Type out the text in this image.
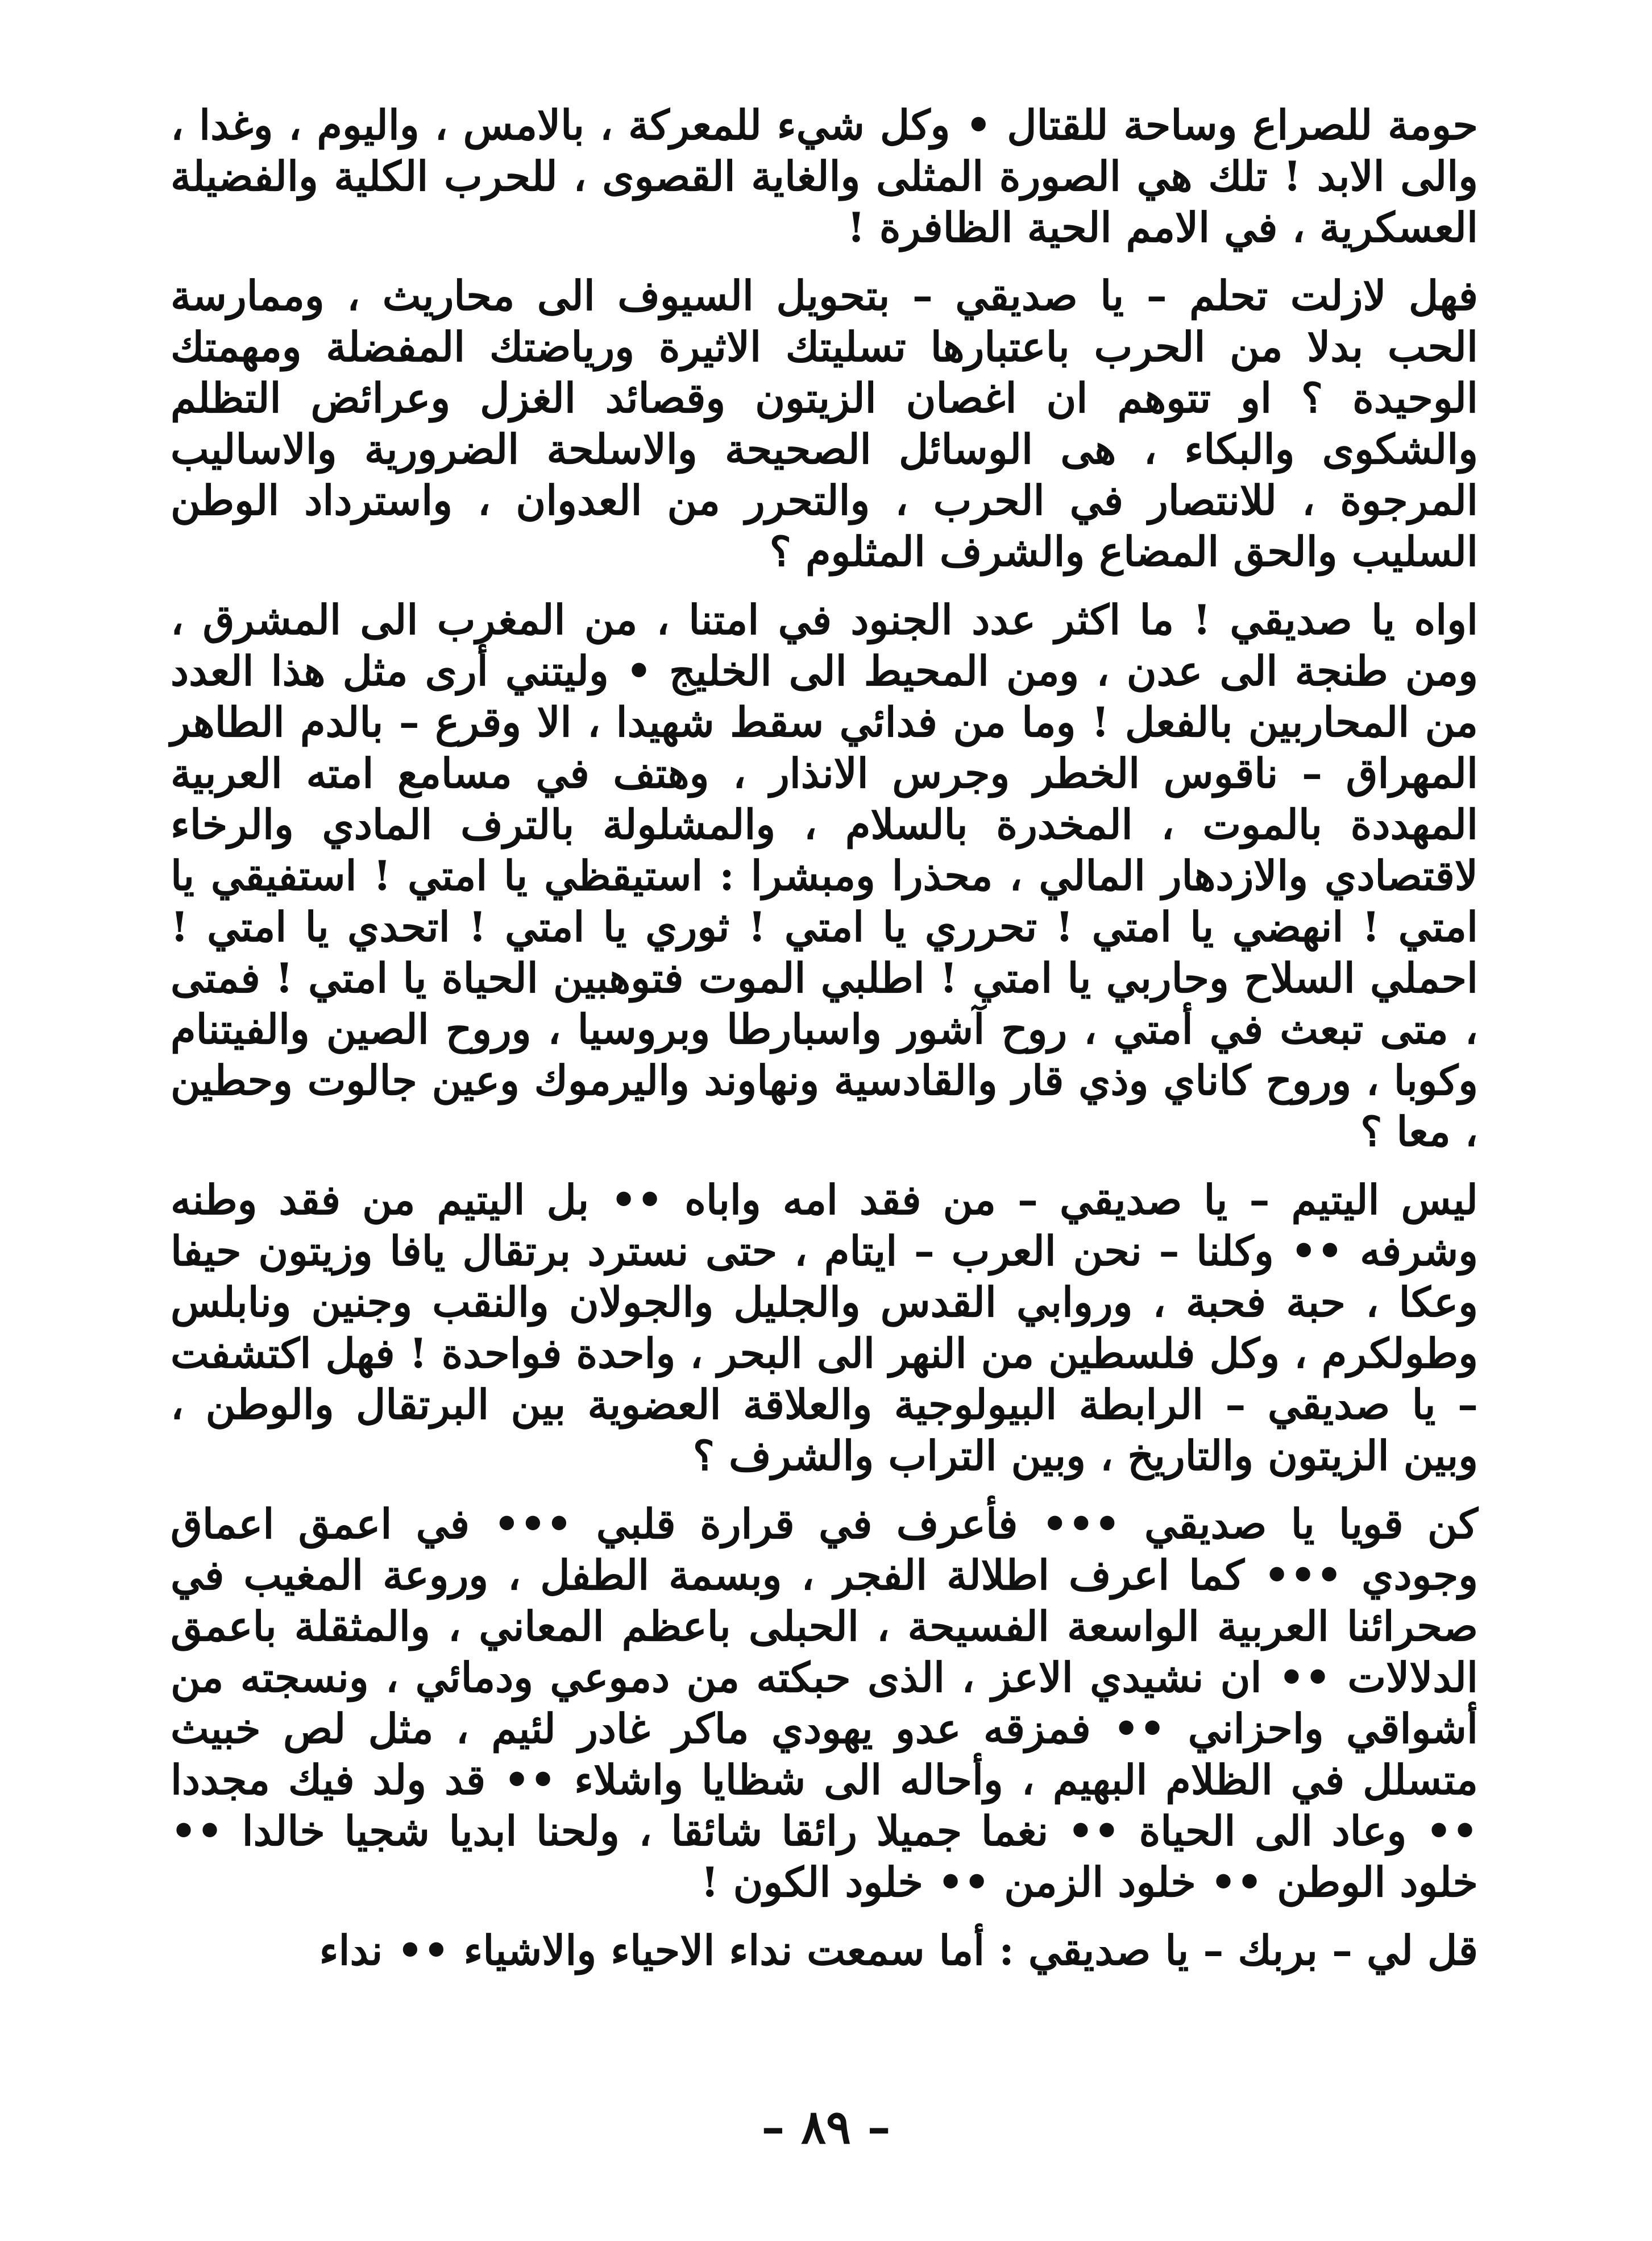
حومة للصراع وساحة للقتال • وكل شيء للمعركة ، بالامس ، واليوم ، وغدا ، والى الابد ! تلك هي الصورة المثلى والغاية القصوى ، للحرب الكلية والفضيلة العسكرية ، في الامم الحية الظافرة !

فهل لازلت تحلم – يا صديقي – بتحويل السيوف الى محاريث ، وممارسة الحب بدلا من الحرب باعتبارها تسليتك الاثيرة ورياضتك المفضلة ومهمتك الوحيدة ؟ او تتوهم ان اغصان الزيتون وقصائد الغزل وعرائض التظلم والشكوى والبكاء ، هى الوسائل الصحيحة والاسلحة الضرورية والاساليب المرجوة ، للانتصار في الحرب ، والتحرر من العدوان ، واسترداد الوطن السليب والحق المضاع والشرف المثلوم ؟

اواه يا صديقي ! ما اكثر عدد الجنود في امتنا ، من المغرب الى المشرق ، ومن طنجة الى عدن ، ومن المحيط الى الخليج • وليتني أرى مثل هذا العدد من المحاربين بالفعل ! وما من فدائي سقط شهيدا ، الا وقرع – بالدم الطاهر المهراق – ناقوس الخطر وجرس الانذار ، وهتف في مسامع امته العربية المهددة بالموت ، المخدرة بالسلام ، والمشلولة بالترف المادي والرخاء لاقتصادي والازدهار المالي ، محذرا ومبشرا : استيقظي يا امتي ! استفيقي يا امتي ! انهضي يا امتي ! تحرري يا امتي ! ثوري يا امتي ! اتحدي يا امتي ! احملي السلاح وحاربي يا امتي ! اطلبي الموت فتوهبين الحياة يا امتي ! فمتى ، متى تبعث في أمتي ، روح آشور واسبارطا وبروسيا ، وروح الصين والفيتنام وكوبا ، وروح كاناي وذي قار والقادسية ونهاوند واليرموك وعين جالوت وحطين ، معا ؟

ليس اليتيم – يا صديقي – من فقد امه واباه •• بل اليتيم من فقد وطنه وشرفه •• وكلنا – نحن العرب – ايتام ، حتى نسترد برتقال يافا وزيتون حيفا وعكا ، حبة فحبة ، وروابي القدس والجليل والجولان والنقب وجنين ونابلس وطولكرم ، وكل فلسطين من النهر الى البحر ، واحدة فواحدة ! فهل اكتشفت – يا صديقي – الرابطة البيولوجية والعلاقة العضوية بين البرتقال والوطن ، وبين الزيتون والتاريخ ، وبين التراب والشرف ؟

كن قويا يا صديقي ••• فأعرف في قرارة قلبي ••• في اعمق اعماق وجودي ••• كما اعرف اطلالة الفجر ، وبسمة الطفل ، وروعة المغيب في صحرائنا العربية الواسعة الفسيحة ، الحبلى باعظم المعاني ، والمثقلة باعمق الدلالات •• ان نشيدي الاعز ، الذى حبكته من دموعي ودمائي ، ونسجته من أشواقي واحزاني •• فمزقه عدو يهودي ماكر غادر لئيم ، مثل لص خبيث متسلل في الظلام البهيم ، وأحاله الى شظايا واشلاء •• قد ولد فيك مجددا •• وعاد الى الحياة •• نغما جميلا رائقا شائقا ، ولحنا ابديا شجيا خالدا •• خلود الوطن •• خلود الزمن •• خلود الكون !

قل لي – بربك – يا صديقي : أما سمعت نداء الاحياء والاشياء •• نداء

– ٨٩ –
